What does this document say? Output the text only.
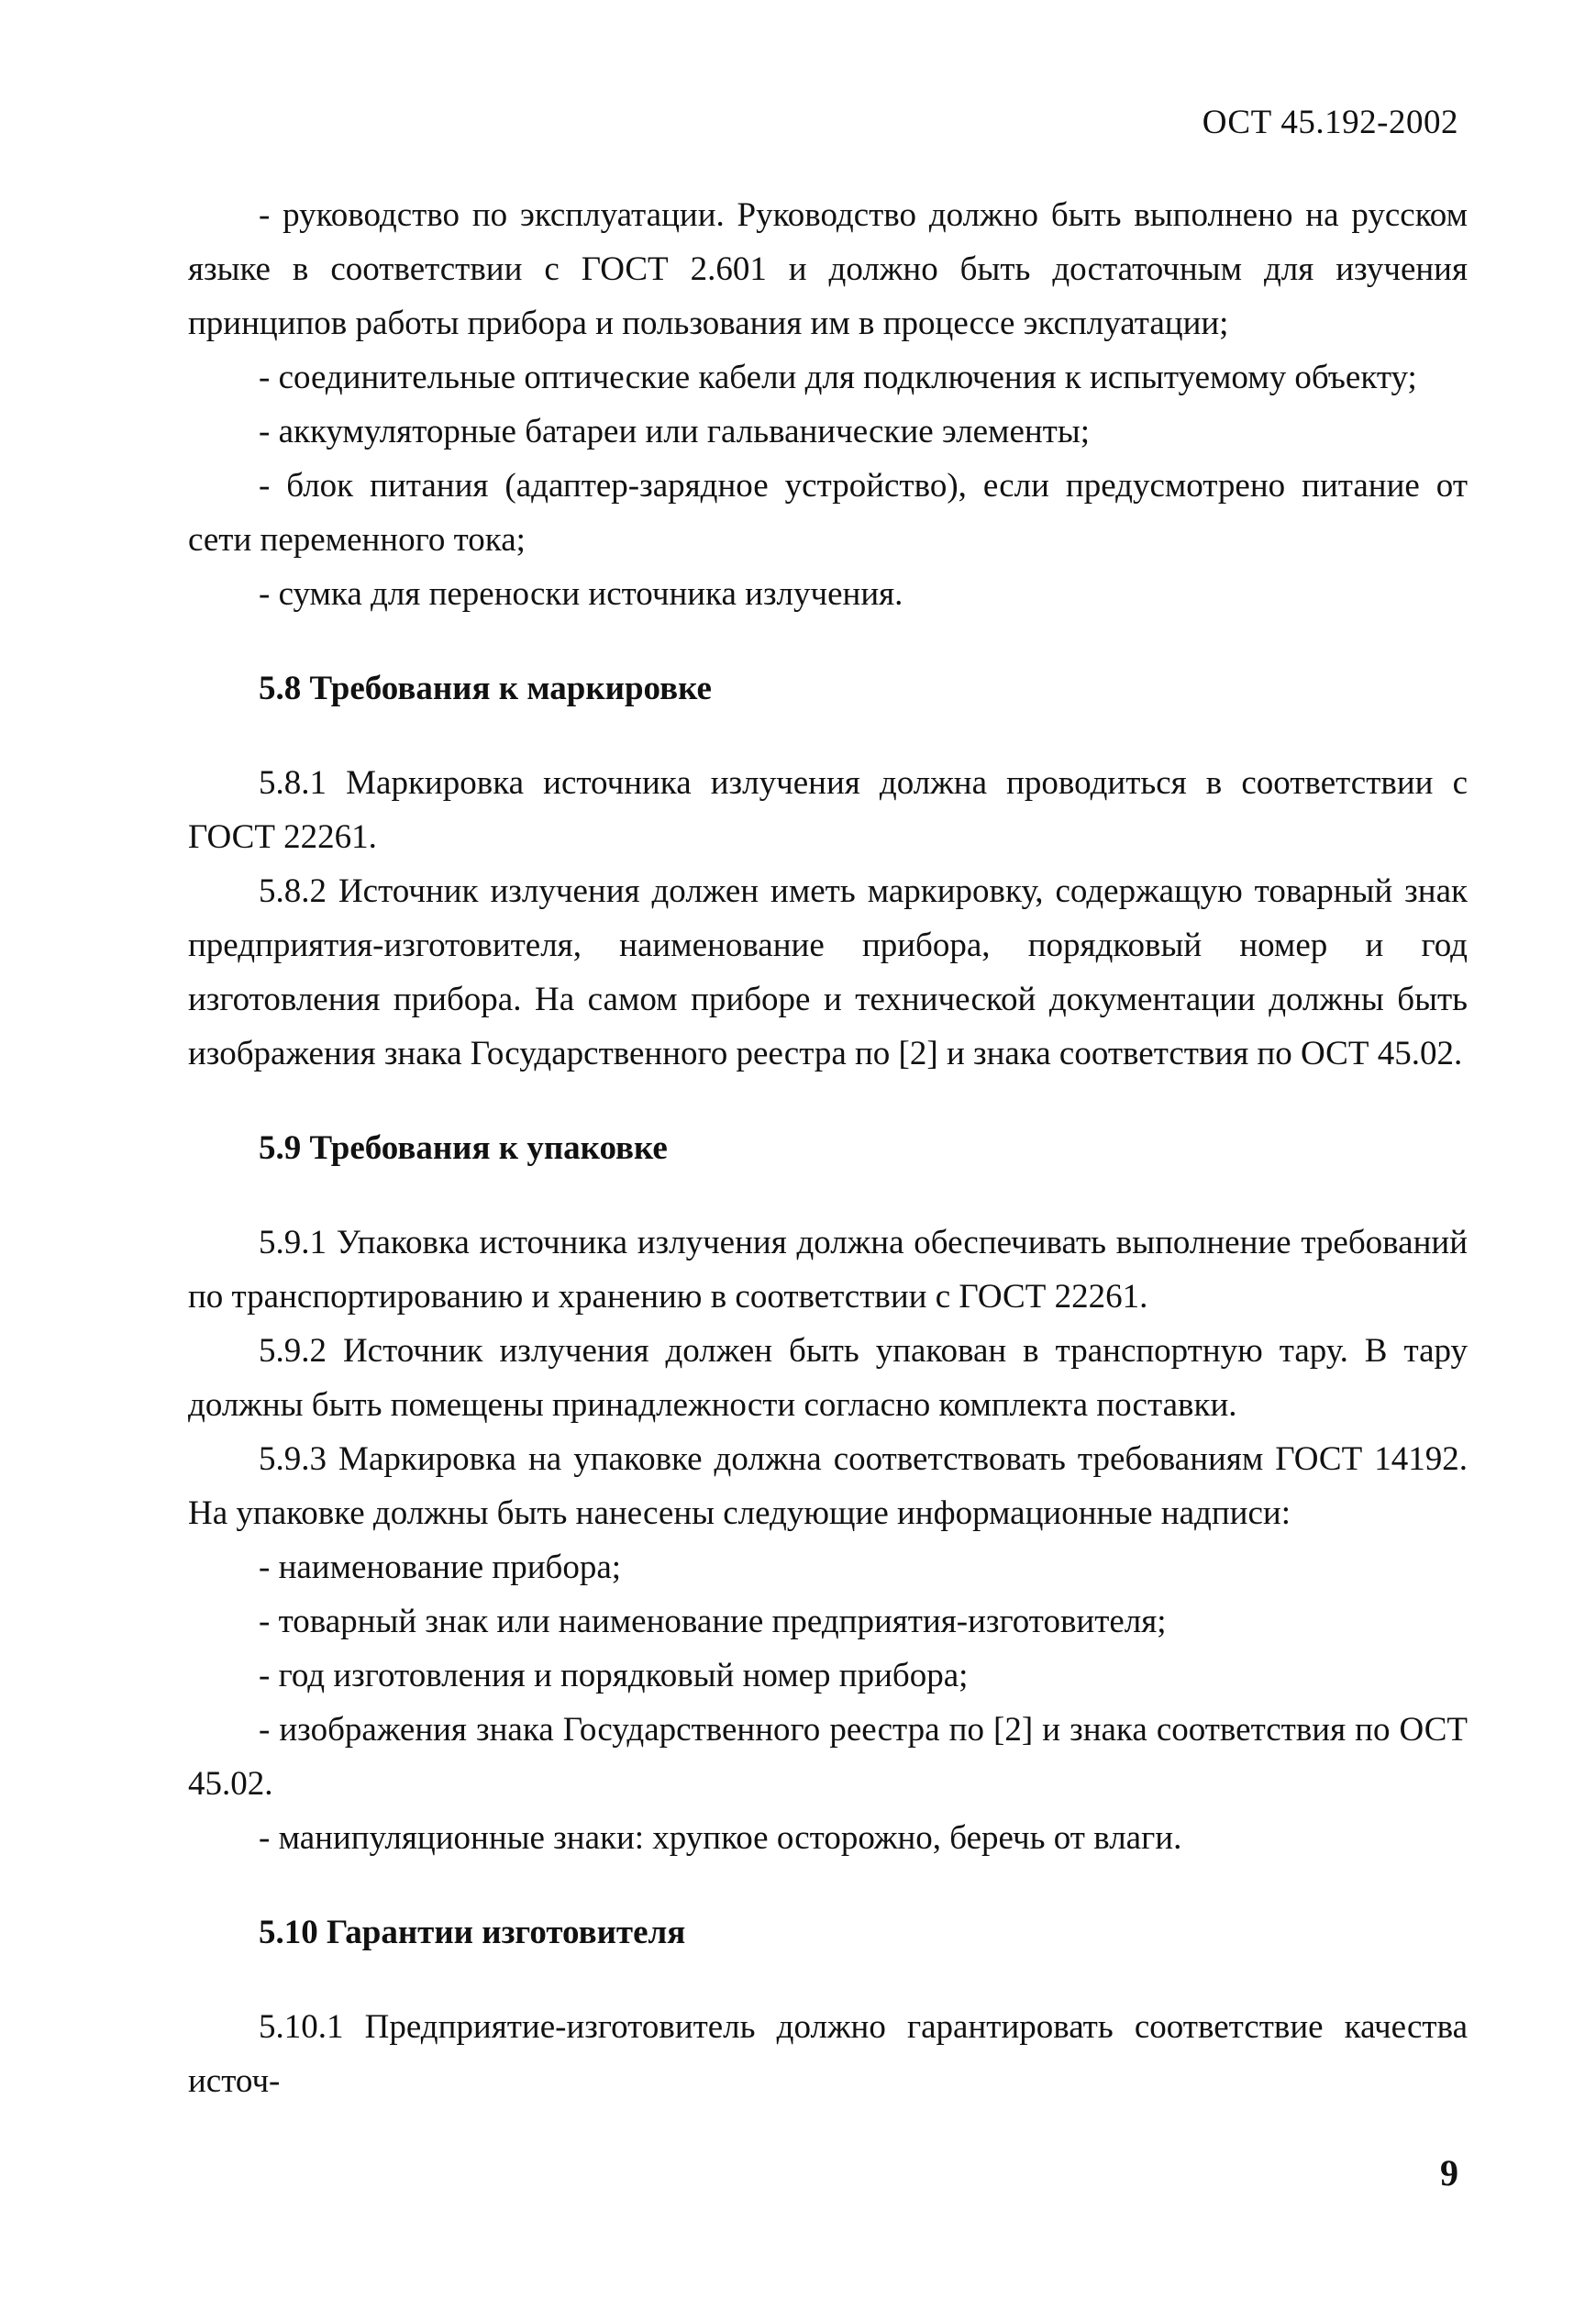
ОСТ 45.192-2002

- руководство по эксплуатации. Руководство должно быть выполнено на русском языке в соответствии с ГОСТ 2.601 и должно быть достаточным для изучения принципов работы прибора и пользования им в процессе эксплуатации;

- соединительные оптические кабели для подключения к испытуемому объекту;

- аккумуляторные батареи или гальванические элементы;

- блок питания (адаптер-зарядное устройство), если предусмотрено питание от сети переменного тока;

- сумка для переноски источника излучения.

5.8 Требования к маркировке

5.8.1 Маркировка источника излучения должна проводиться в соответствии с ГОСТ 22261.

5.8.2 Источник излучения должен иметь маркировку, содержащую товарный знак предприятия-изготовителя, наименование прибора, порядковый номер и год изготовления прибора. На самом приборе и технической документации должны быть изображения знака Государственного реестра по [2] и знака соответствия по ОСТ 45.02.

5.9 Требования к упаковке

5.9.1 Упаковка источника излучения должна обеспечивать выполнение требований по транспортированию и хранению в соответствии с ГОСТ 22261.

5.9.2 Источник излучения должен быть упакован в транспортную тару. В тару должны быть помещены принадлежности согласно комплекта поставки.

5.9.3 Маркировка на упаковке должна соответствовать требованиям ГОСТ 14192. На упаковке должны быть нанесены следующие информационные надписи:

- наименование прибора;

- товарный знак или наименование предприятия-изготовителя;

- год изготовления и порядковый номер прибора;

- изображения знака Государственного реестра по [2] и знака соответствия по ОСТ 45.02.

- манипуляционные знаки: хрупкое осторожно, беречь от влаги.

5.10 Гарантии изготовителя

5.10.1 Предприятие-изготовитель должно гарантировать соответствие качества источ-

9
